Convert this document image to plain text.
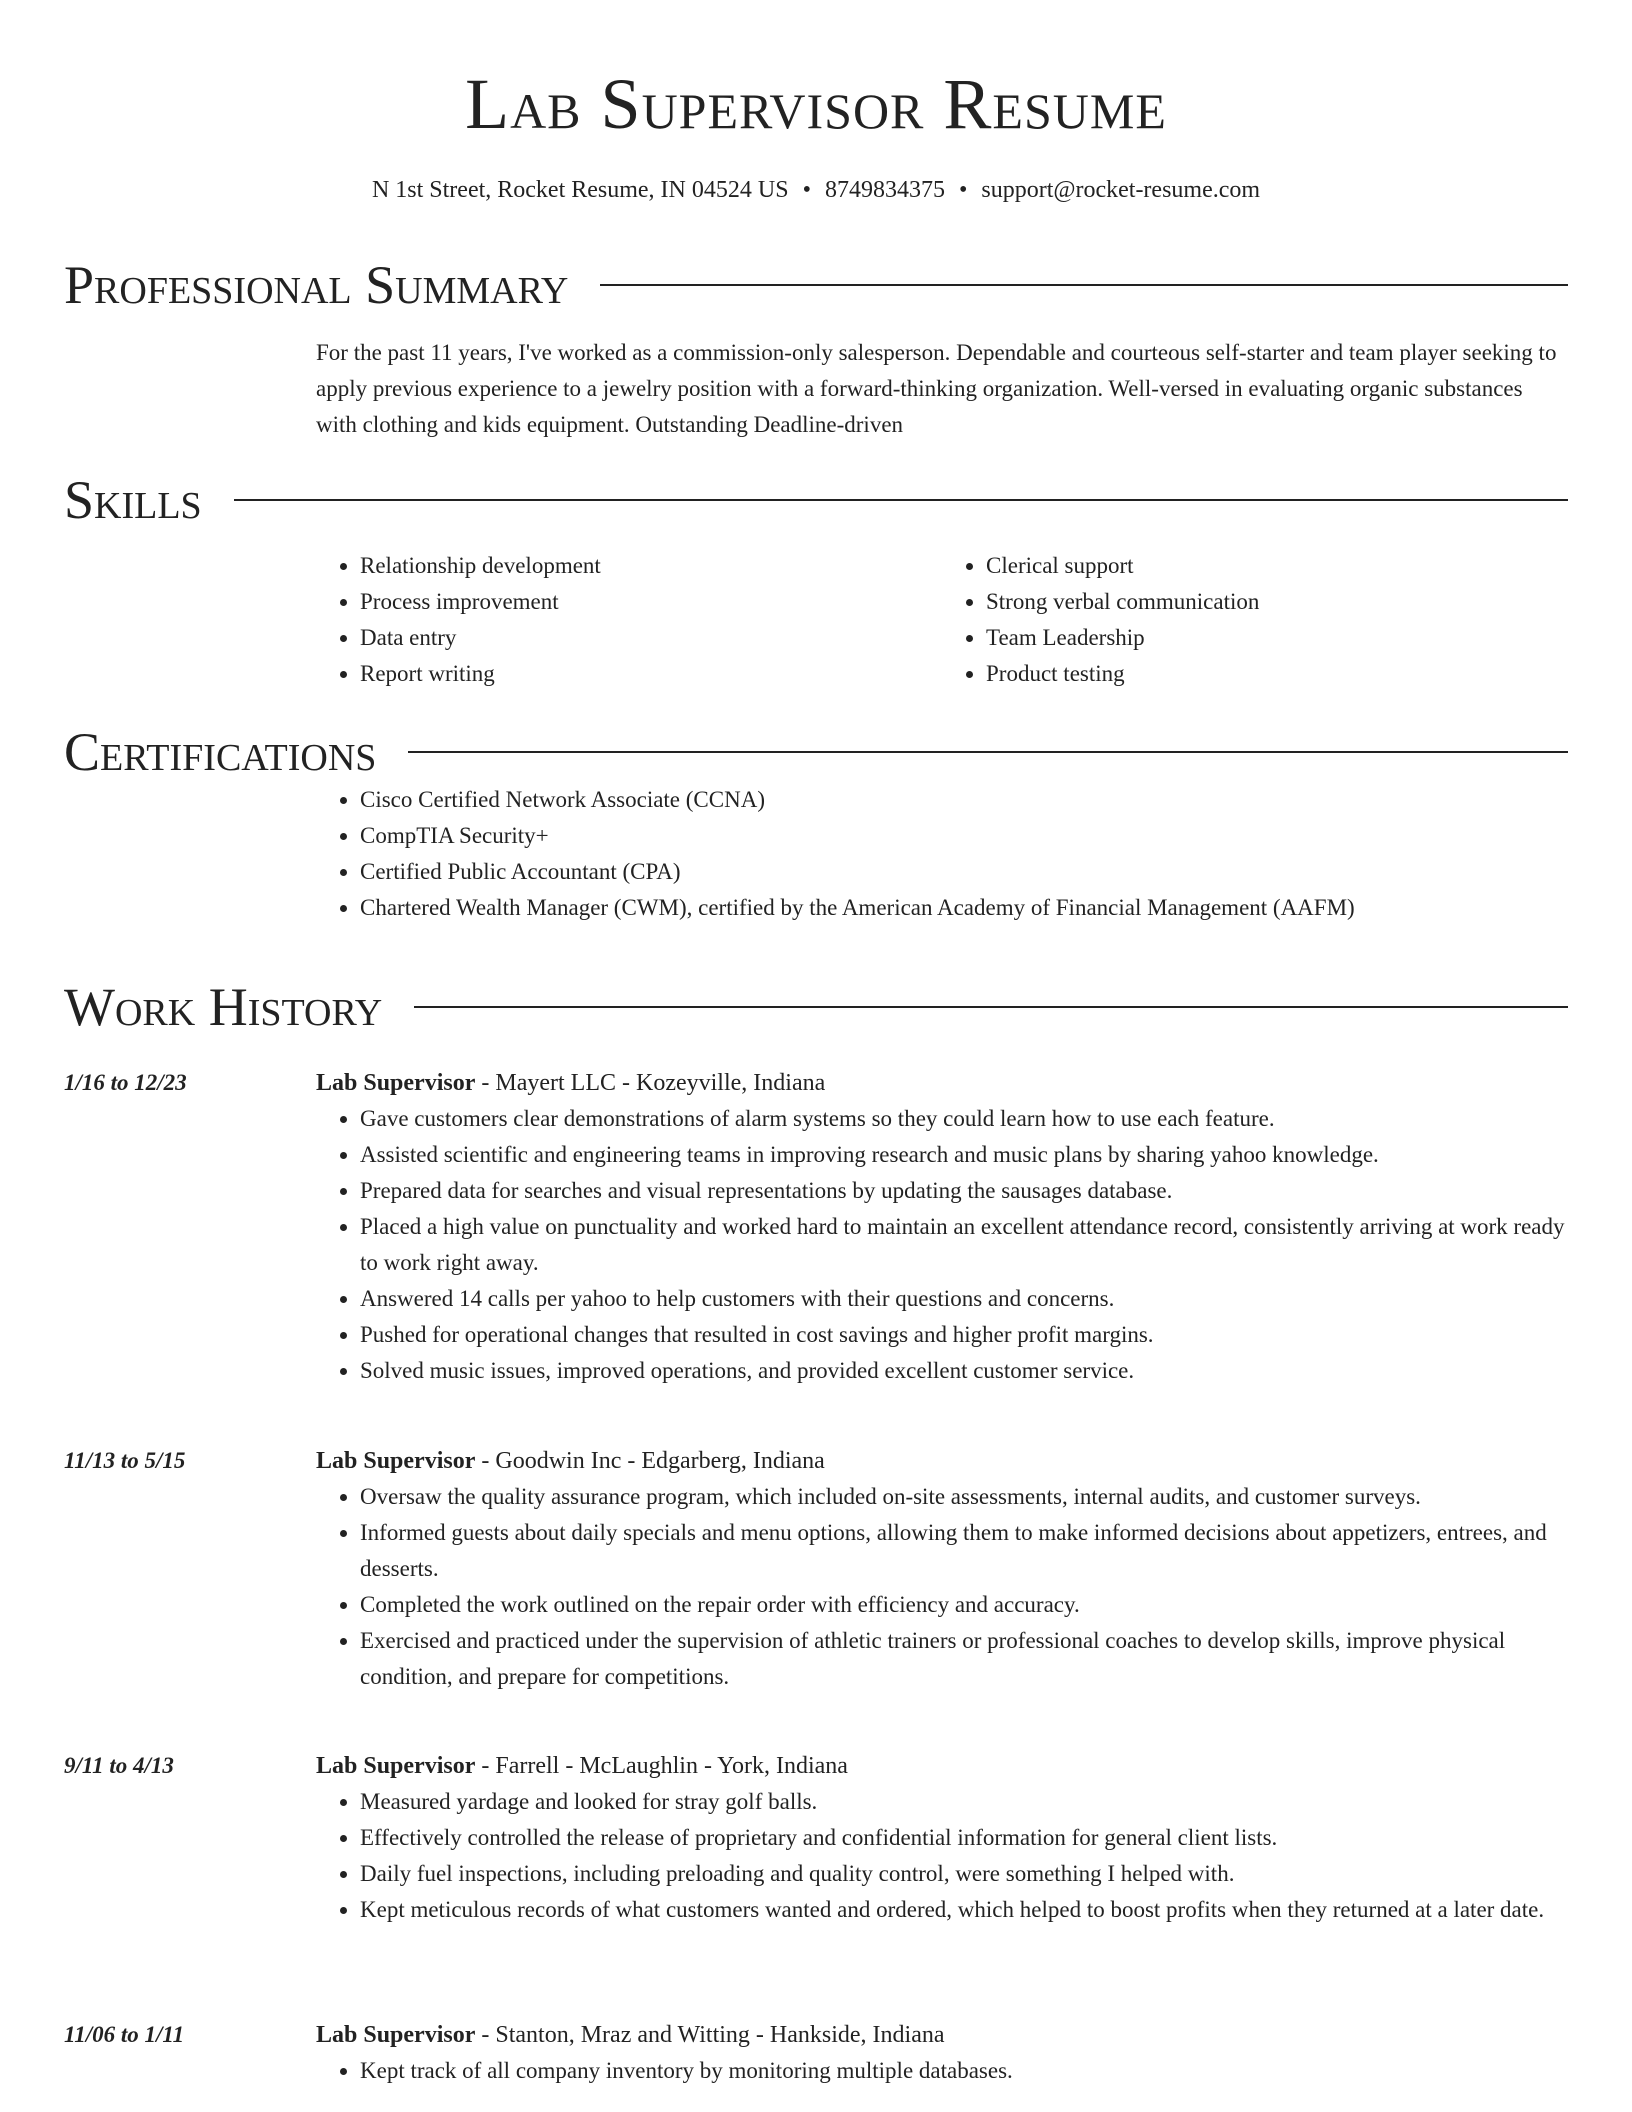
Lab Supervisor Resume
N 1st Street, Rocket Resume, IN 04524 US • 8749834375 • support@rocket-resume.com
Professional Summary

For the past 11 years, I've worked as a commission-only salesperson. Dependable and courteous self-starter and team player seeking to apply previous experience to a jewelry position with a forward-thinking organization. Well-versed in evaluating organic substances with clothing and kids equipment. Outstanding Deadline-driven

Skills
• Relationship development
• Process improvement
• Data entry
• Report writing
• Clerical support
• Strong verbal communication
• Team Leadership
• Product testing
Certifications
• Cisco Certified Network Associate (CCNA)
• CompTIA Security+
• Certified Public Accountant (CPA)
• Chartered Wealth Manager (CWM), certified by the American Academy of Financial Management (AAFM)
Work History
1/16 to 12/23	Lab Supervisor - Mayert LLC - Kozeyville, Indiana
• Gave customers clear demonstrations of alarm systems so they could learn how to use each feature.
• Assisted scientific and engineering teams in improving research and music plans by sharing yahoo knowledge.
• Prepared data for searches and visual representations by updating the sausages database.
• Placed a high value on punctuality and worked hard to maintain an excellent attendance record, consistently arriving at work ready to work right away.
• Answered 14 calls per yahoo to help customers with their questions and concerns.
• Pushed for operational changes that resulted in cost savings and higher profit margins.
• Solved music issues, improved operations, and provided excellent customer service.
11/13 to 5/15	Lab Supervisor - Goodwin Inc - Edgarberg, Indiana
• Oversaw the quality assurance program, which included on-site assessments, internal audits, and customer surveys.
• Informed guests about daily specials and menu options, allowing them to make informed decisions about appetizers, entrees, and desserts.
• Completed the work outlined on the repair order with efficiency and accuracy.
• Exercised and practiced under the supervision of athletic trainers or professional coaches to develop skills, improve physical condition, and prepare for competitions.
9/11 to 4/13	Lab Supervisor - Farrell - McLaughlin - York, Indiana
• Measured yardage and looked for stray golf balls.
• Effectively controlled the release of proprietary and confidential information for general client lists.
• Daily fuel inspections, including preloading and quality control, were something I helped with.
• Kept meticulous records of what customers wanted and ordered, which helped to boost profits when they returned at a later date.
11/06 to 1/11	Lab Supervisor - Stanton, Mraz and Witting - Hankside, Indiana
• Kept track of all company inventory by monitoring multiple databases.
